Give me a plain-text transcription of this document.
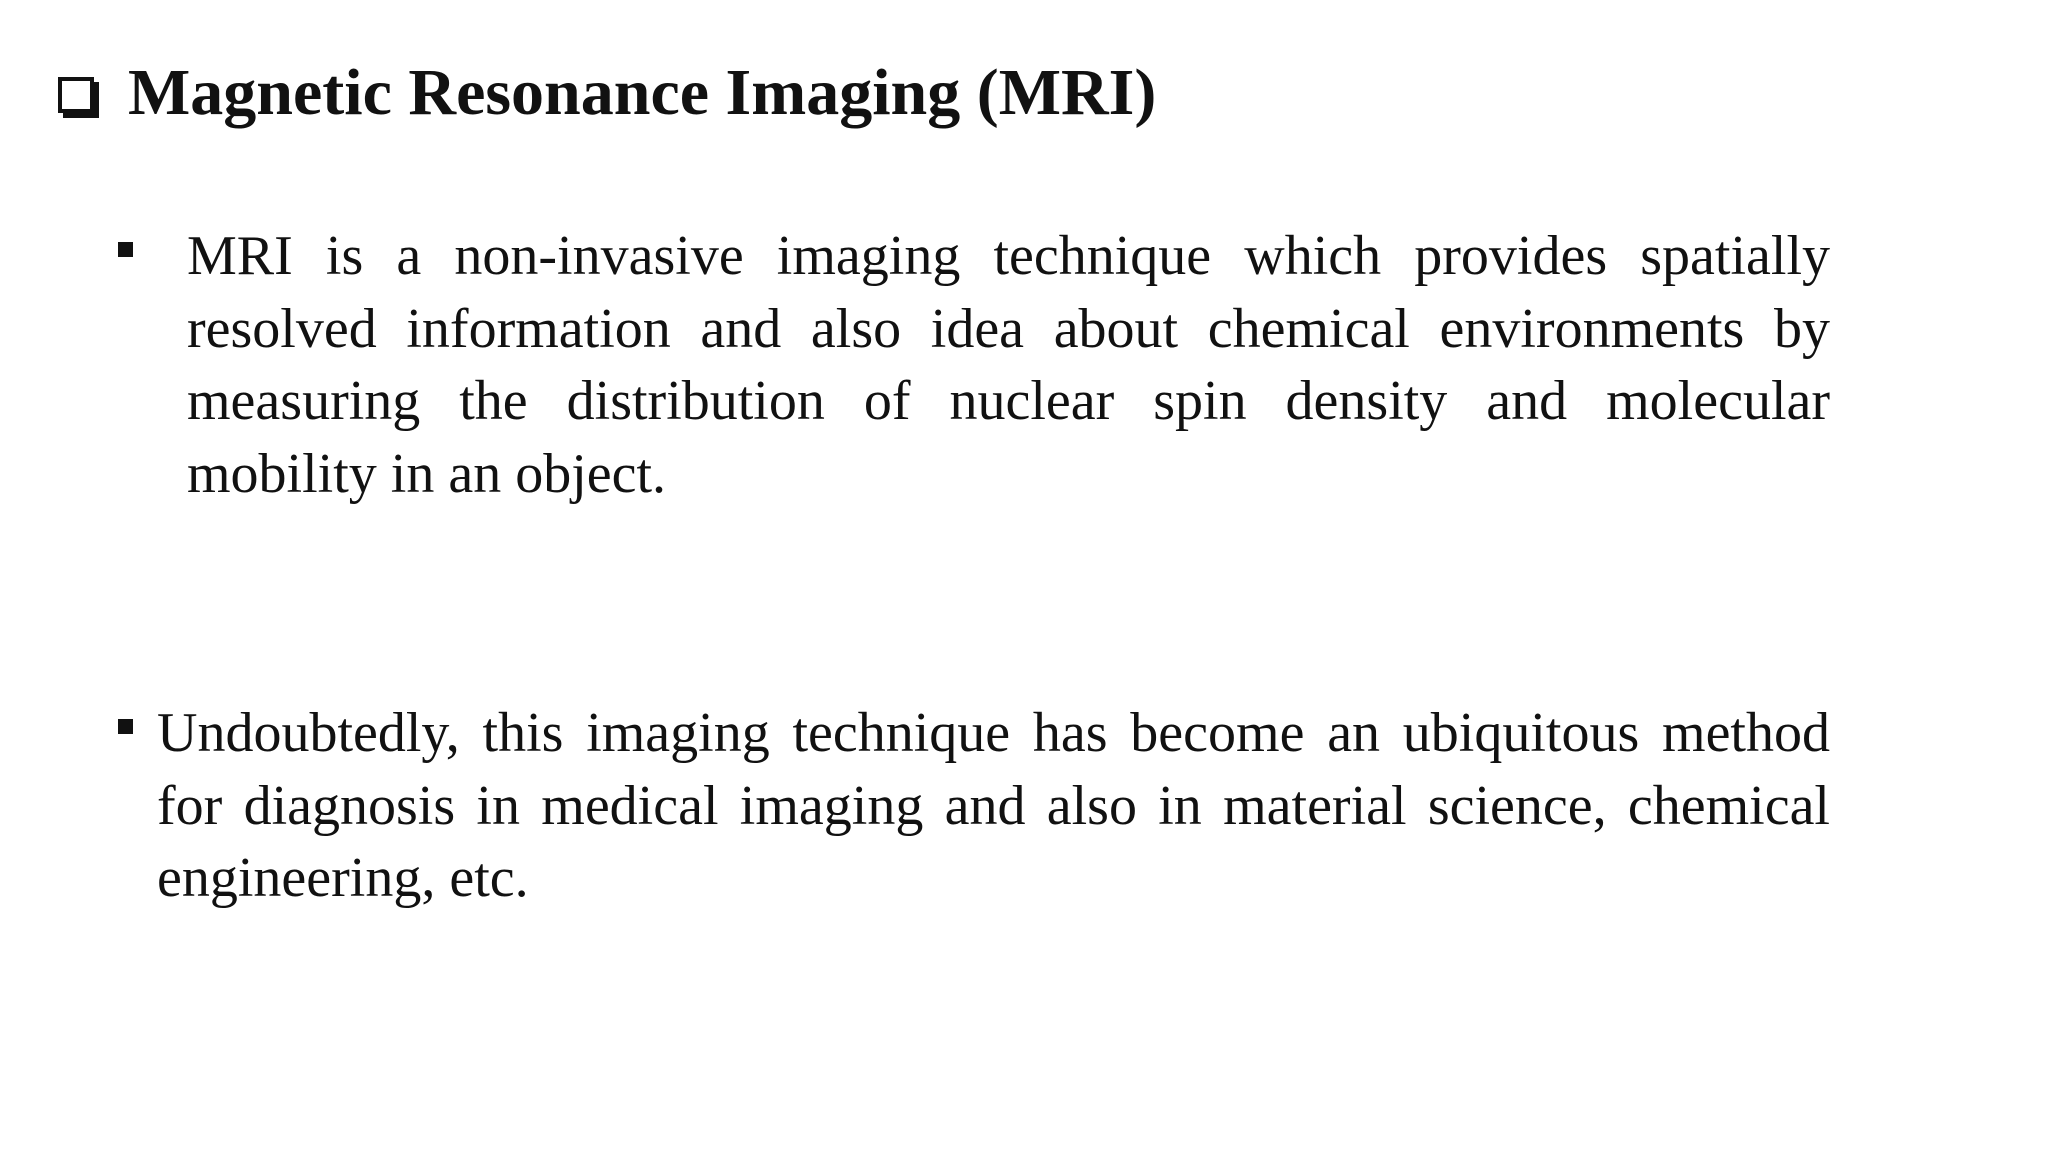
Magnetic Resonance Imaging (MRI)
MRI is a non-invasive imaging technique which provides spatially resolved information and also idea about chemical environments by measuring the distribution of nuclear spin density and molecular mobility in an object.
Undoubtedly, this imaging technique has become an ubiquitous method for diagnosis in medical imaging and also in material science, chemical engineering, etc.
